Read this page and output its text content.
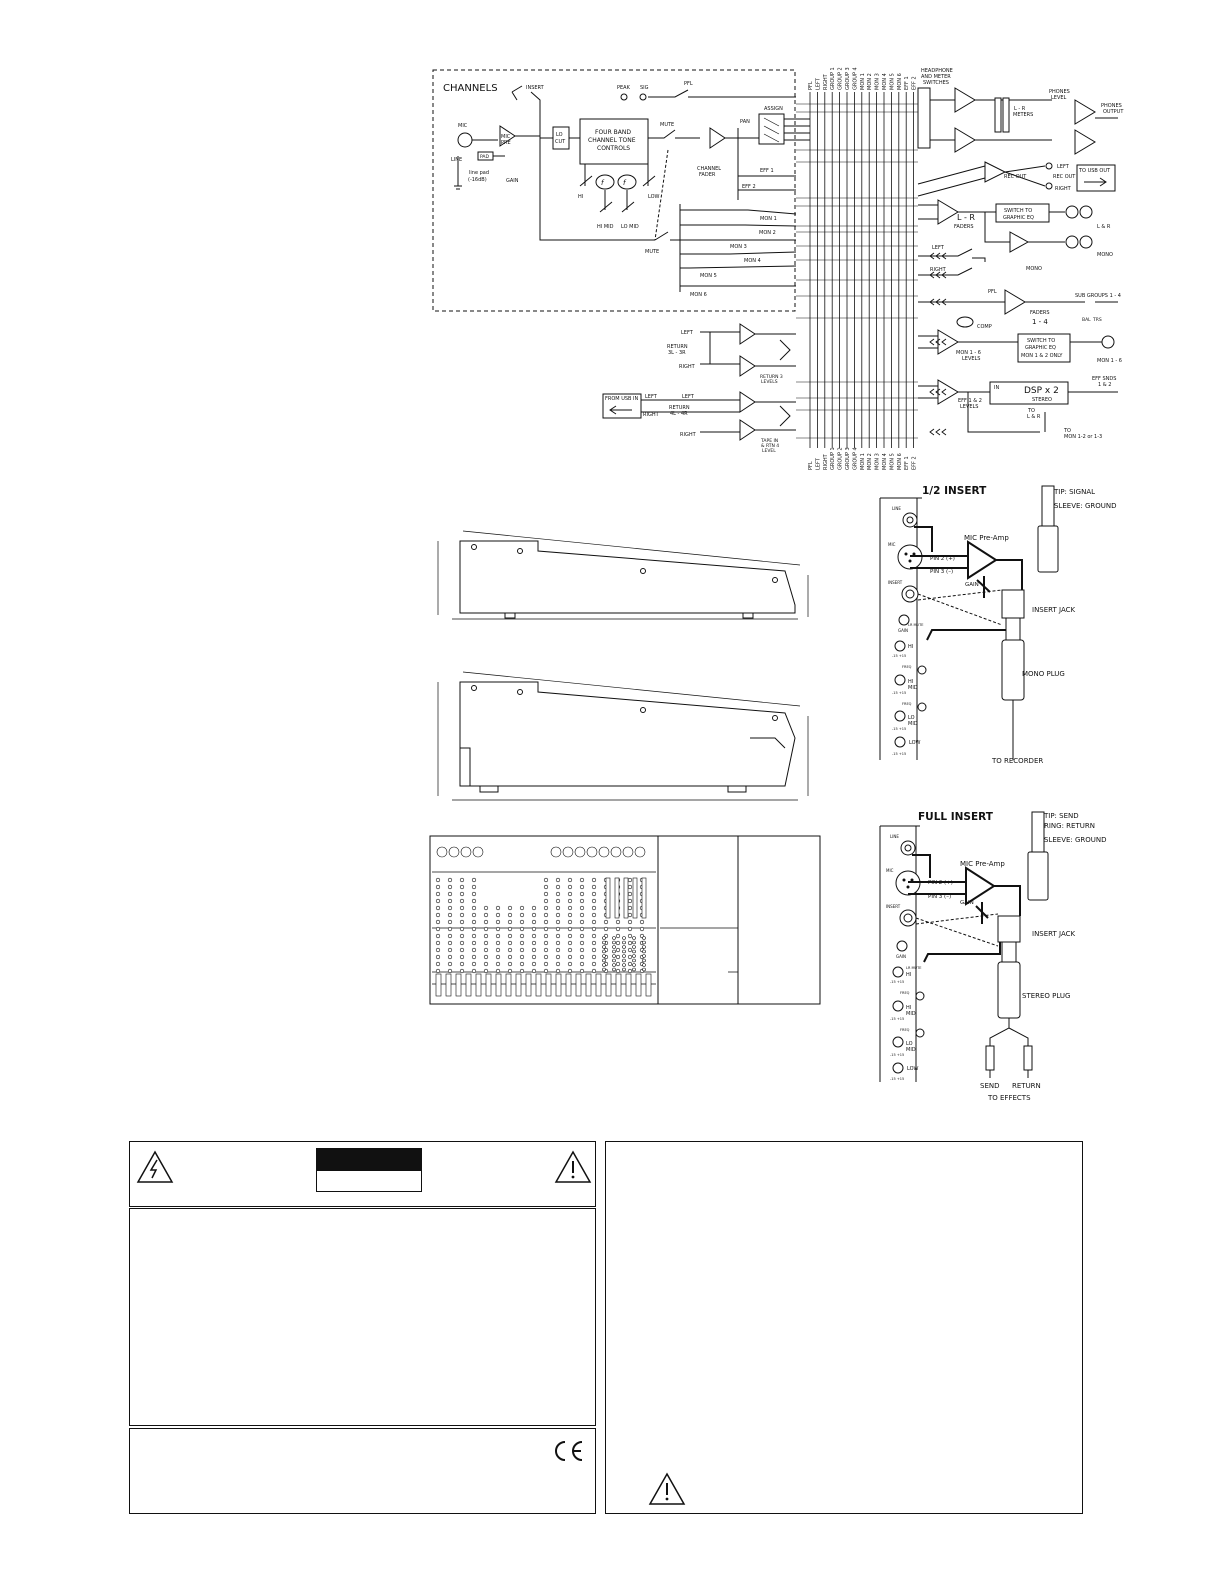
CHANNELS	INSERT
MIC
LINE	PAD
line pad
(-16dB)
MIC
PRE
GAIN
LO
CUT
FOUR BAND
CHANNEL TONE
CONTROLS
f	f
HI
HI MID LO MID
LOW
PEAK SIG
PFL
MUTE
CHANNEL
FADER
PAN
ASSIGN
EFF 1
EFF 2
MON 1
MON 2
MON 3
MON 4
MON 5
MON 6
MUTE
PFL LEFT RIGHT GROUP 1 GROUP 2 GROUP 3 GROUP 4 MON 1 MON 2 MON 3 MON 4 MON 5 MON 6 EFF 1 EFF 2
PFL LEFT RIGHT GROUP 1 GROUP 2 GROUP 3 GROUP 4 MON 1 MON 2 MON 3 MON 4 MON 5 MON 6 EFF 1 EFF 2
HEADPHONE
AND METER
SWITCHES
L - R
METERS
PHONES
LEVEL
PHONES
OUTPUT
REC OUT
LEFT
REC OUT
RIGHT
TO USB OUT
L - R
FADERS
SWITCH TO
GRAPHIC EQ
L & R
MONO
MONO
LEFT
RIGHT
PFL
COMP
FADERS
1 - 4
SUB GROUPS 1 - 4
BAL TRS
MON 1 - 6
LEVELS
SWITCH TO
GRAPHIC EQ
MON 1 & 2 ONLY
MON 1 - 6
EFF 1 & 2
LEVELS
DSP x 2
IN
STEREO
TO
L & R
EFF SNDS
1 & 2
TO
MON 1-2 or 1-3
LEFT
RETURN
3L - 3R
RIGHT
RETURN 3
LEVELS
FROM USB IN LEFT
RIGHT
LEFT
RETURN
4L - 4R
RIGHT
TAPE IN
& RTN 4
LEVEL
1/2 INSERT
LINE
MIC
INSERT
GAIN
LR MUTE
HI
-15 +15
FREQ
HI
MID
-15 +15
FREQ
LO
MID
-15 +15
LOW
-15 +15
MIC Pre-Amp
PIN 2 (+)
PIN 3 (–)
GAIN
INSERT JACK
MONO PLUG
TO RECORDER
TIP: SIGNAL
SLEEVE: GROUND
FULL INSERT
LINE
MIC
INSERT
GAIN
LR MUTE
HI
-15 +15
FREQ
HI
MID
-15 +15
FREQ
LO
MID
-15 +15
LOW
-15 +15
MIC Pre-Amp
PIN 2 (+)
PIN 3 (–)
GAIN
INSERT JACK
STEREO PLUG
SEND RETURN
TO EFFECTS
TIP: SEND
RING: RETURN
SLEEVE: GROUND
